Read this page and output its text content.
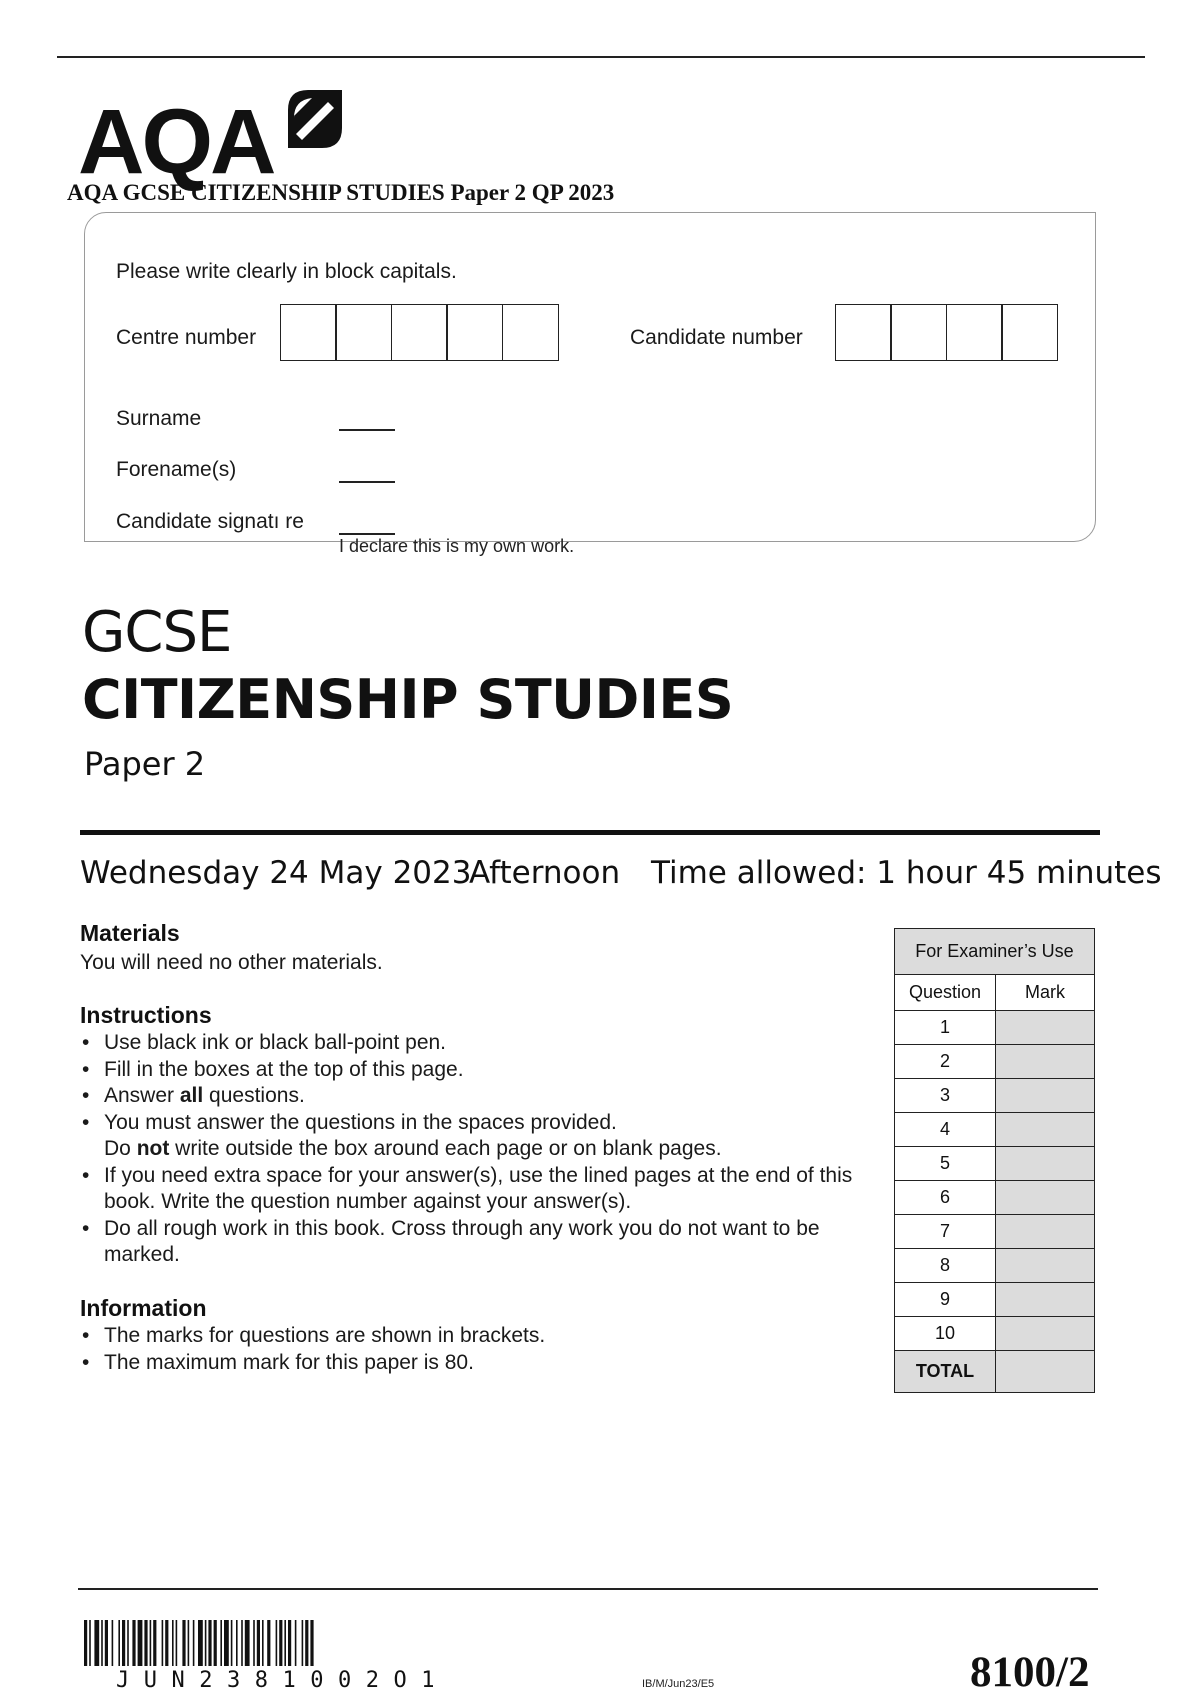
AQA
AQA GCSE CITIZENSHIP STUDIES Paper 2 QP 2023
Please write clearly in block capitals.
Centre number	Candidate number
Surname
Forename(s)
Candidate signatı re
I declare this is my own work.
GCSE
CITIZENSHIP STUDIES
Paper 2
Wednesday 24 May 2023
Afternoon Time allowed: 1 hour 45 minutes
Materials
You will need no other materials.
Instructions
• Use black ink or black ball-point pen.
• Fill in the boxes at the top of this page.
• Answer all questions.
• You must answer the questions in the spaces provided.
Do not write outside the box around each page or on blank pages.
• If you need extra space for your answer(s), use the lined pages at the end of this book. Write the question number against your answer(s).
• Do all rough work in this book. Cross through any work you do not want to be marked.
Information
• The marks for questions are shown in brackets.
• The maximum mark for this paper is 80.
For Examiner’s Use	
Question	Mark
1	
2	
3	
4	
5	
6	
7	
8	
9	
10	
TOTAL	
JUN2381002O1	IB/M/Jun23/E5	8100/2
